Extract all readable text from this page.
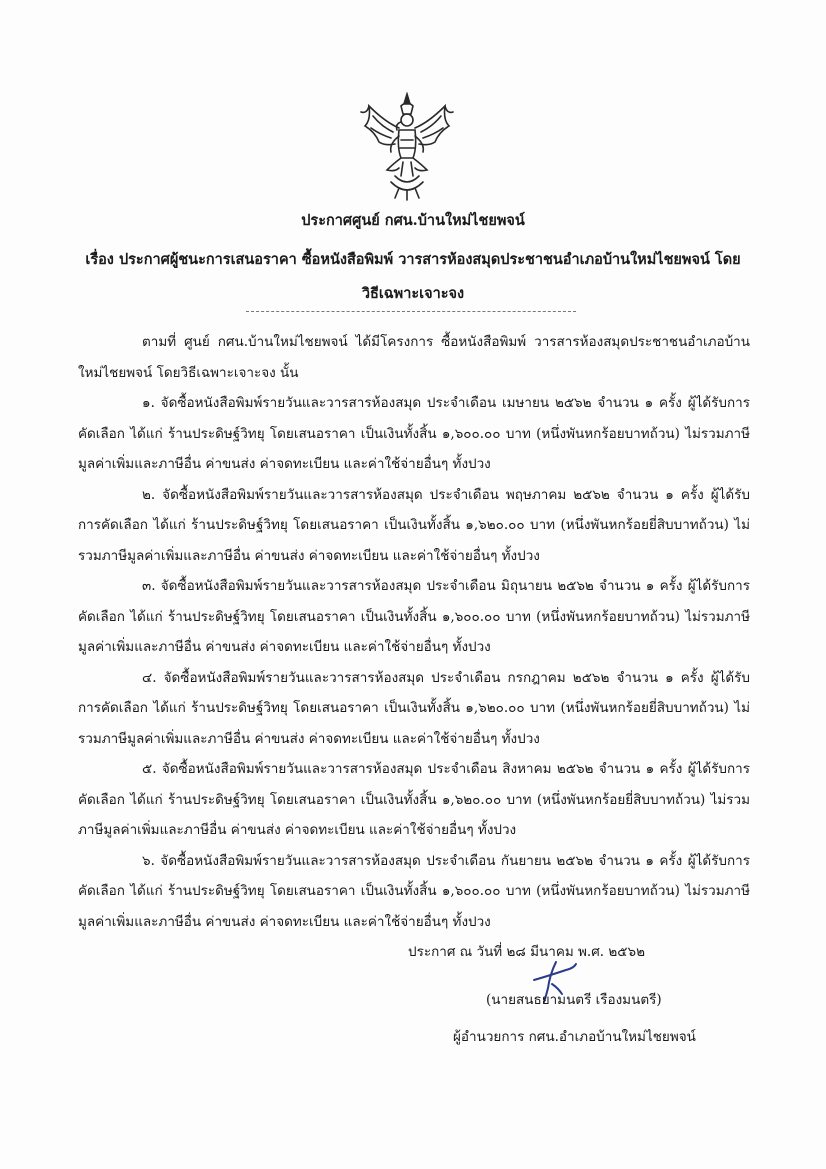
ประกาศศูนย์ กศน.บ้านใหม่ไชยพจน์
เรื่อง ประกาศผู้ชนะการเสนอราคา ซื้อหนังสือพิมพ์ วารสารห้องสมุดประชาชนอำเภอบ้านใหม่ไชยพจน์ โดยวิธีเฉพาะเจาะจง

ตามที่ ศูนย์ กศน.บ้านใหม่ไชยพจน์ ได้มีโครงการ ซื้อหนังสือพิมพ์ วารสารห้องสมุดประชาชนอำเภอบ้านใหม่ไชยพจน์ โดยวิธีเฉพาะเจาะจง นั้น

๑. จัดซื้อหนังสือพิมพ์รายวันและวารสารห้องสมุด ประจำเดือน เมษายน ๒๕๖๒ จำนวน ๑ ครั้ง ผู้ได้รับการคัดเลือก ได้แก่ ร้านประดิษฐ์วิทยุ โดยเสนอราคา เป็นเงินทั้งสิ้น ๑,๖๐๐.๐๐ บาท (หนึ่งพันหกร้อยบาทถ้วน) ไม่รวมภาษีมูลค่าเพิ่มและภาษีอื่น ค่าขนส่ง ค่าจดทะเบียน และค่าใช้จ่ายอื่นๆ ทั้งปวง

๒. จัดซื้อหนังสือพิมพ์รายวันและวารสารห้องสมุด ประจำเดือน พฤษภาคม ๒๕๖๒ จำนวน ๑ ครั้ง ผู้ได้รับการคัดเลือก ได้แก่ ร้านประดิษฐ์วิทยุ โดยเสนอราคา เป็นเงินทั้งสิ้น ๑,๖๒๐.๐๐ บาท (หนึ่งพันหกร้อยยี่สิบบาทถ้วน) ไม่รวมภาษีมูลค่าเพิ่มและภาษีอื่น ค่าขนส่ง ค่าจดทะเบียน และค่าใช้จ่ายอื่นๆ ทั้งปวง

๓. จัดซื้อหนังสือพิมพ์รายวันและวารสารห้องสมุด ประจำเดือน มิถุนายน ๒๕๖๒ จำนวน ๑ ครั้ง ผู้ได้รับการคัดเลือก ได้แก่ ร้านประดิษฐ์วิทยุ โดยเสนอราคา เป็นเงินทั้งสิ้น ๑,๖๐๐.๐๐ บาท (หนึ่งพันหกร้อยบาทถ้วน) ไม่รวมภาษีมูลค่าเพิ่มและภาษีอื่น ค่าขนส่ง ค่าจดทะเบียน และค่าใช้จ่ายอื่นๆ ทั้งปวง

๔. จัดซื้อหนังสือพิมพ์รายวันและวารสารห้องสมุด ประจำเดือน กรกฎาคม ๒๕๖๒ จำนวน ๑ ครั้ง ผู้ได้รับการคัดเลือก ได้แก่ ร้านประดิษฐ์วิทยุ โดยเสนอราคา เป็นเงินทั้งสิ้น ๑,๖๒๐.๐๐ บาท (หนึ่งพันหกร้อยยี่สิบบาทถ้วน) ไม่รวมภาษีมูลค่าเพิ่มและภาษีอื่น ค่าขนส่ง ค่าจดทะเบียน และค่าใช้จ่ายอื่นๆ ทั้งปวง

๕. จัดซื้อหนังสือพิมพ์รายวันและวารสารห้องสมุด ประจำเดือน สิงหาคม ๒๕๖๒ จำนวน ๑ ครั้ง ผู้ได้รับการคัดเลือก ได้แก่ ร้านประดิษฐ์วิทยุ โดยเสนอราคา เป็นเงินทั้งสิ้น ๑,๖๒๐.๐๐ บาท (หนึ่งพันหกร้อยยี่สิบบาทถ้วน) ไม่รวมภาษีมูลค่าเพิ่มและภาษีอื่น ค่าขนส่ง ค่าจดทะเบียน และค่าใช้จ่ายอื่นๆ ทั้งปวง

๖. จัดซื้อหนังสือพิมพ์รายวันและวารสารห้องสมุด ประจำเดือน กันยายน ๒๕๖๒ จำนวน ๑ ครั้ง ผู้ได้รับการคัดเลือก ได้แก่ ร้านประดิษฐ์วิทยุ โดยเสนอราคา เป็นเงินทั้งสิ้น ๑,๖๐๐.๐๐ บาท (หนึ่งพันหกร้อยบาทถ้วน) ไม่รวมภาษีมูลค่าเพิ่มและภาษีอื่น ค่าขนส่ง ค่าจดทะเบียน และค่าใช้จ่ายอื่นๆ ทั้งปวง

ประกาศ ณ วันที่ ๒๘ มีนาคม พ.ศ. ๒๕๖๒
(นายสนธยามนตรี เรืองมนตรี)
ผู้อำนวยการ กศน.อำเภอบ้านใหม่ไชยพจน์
